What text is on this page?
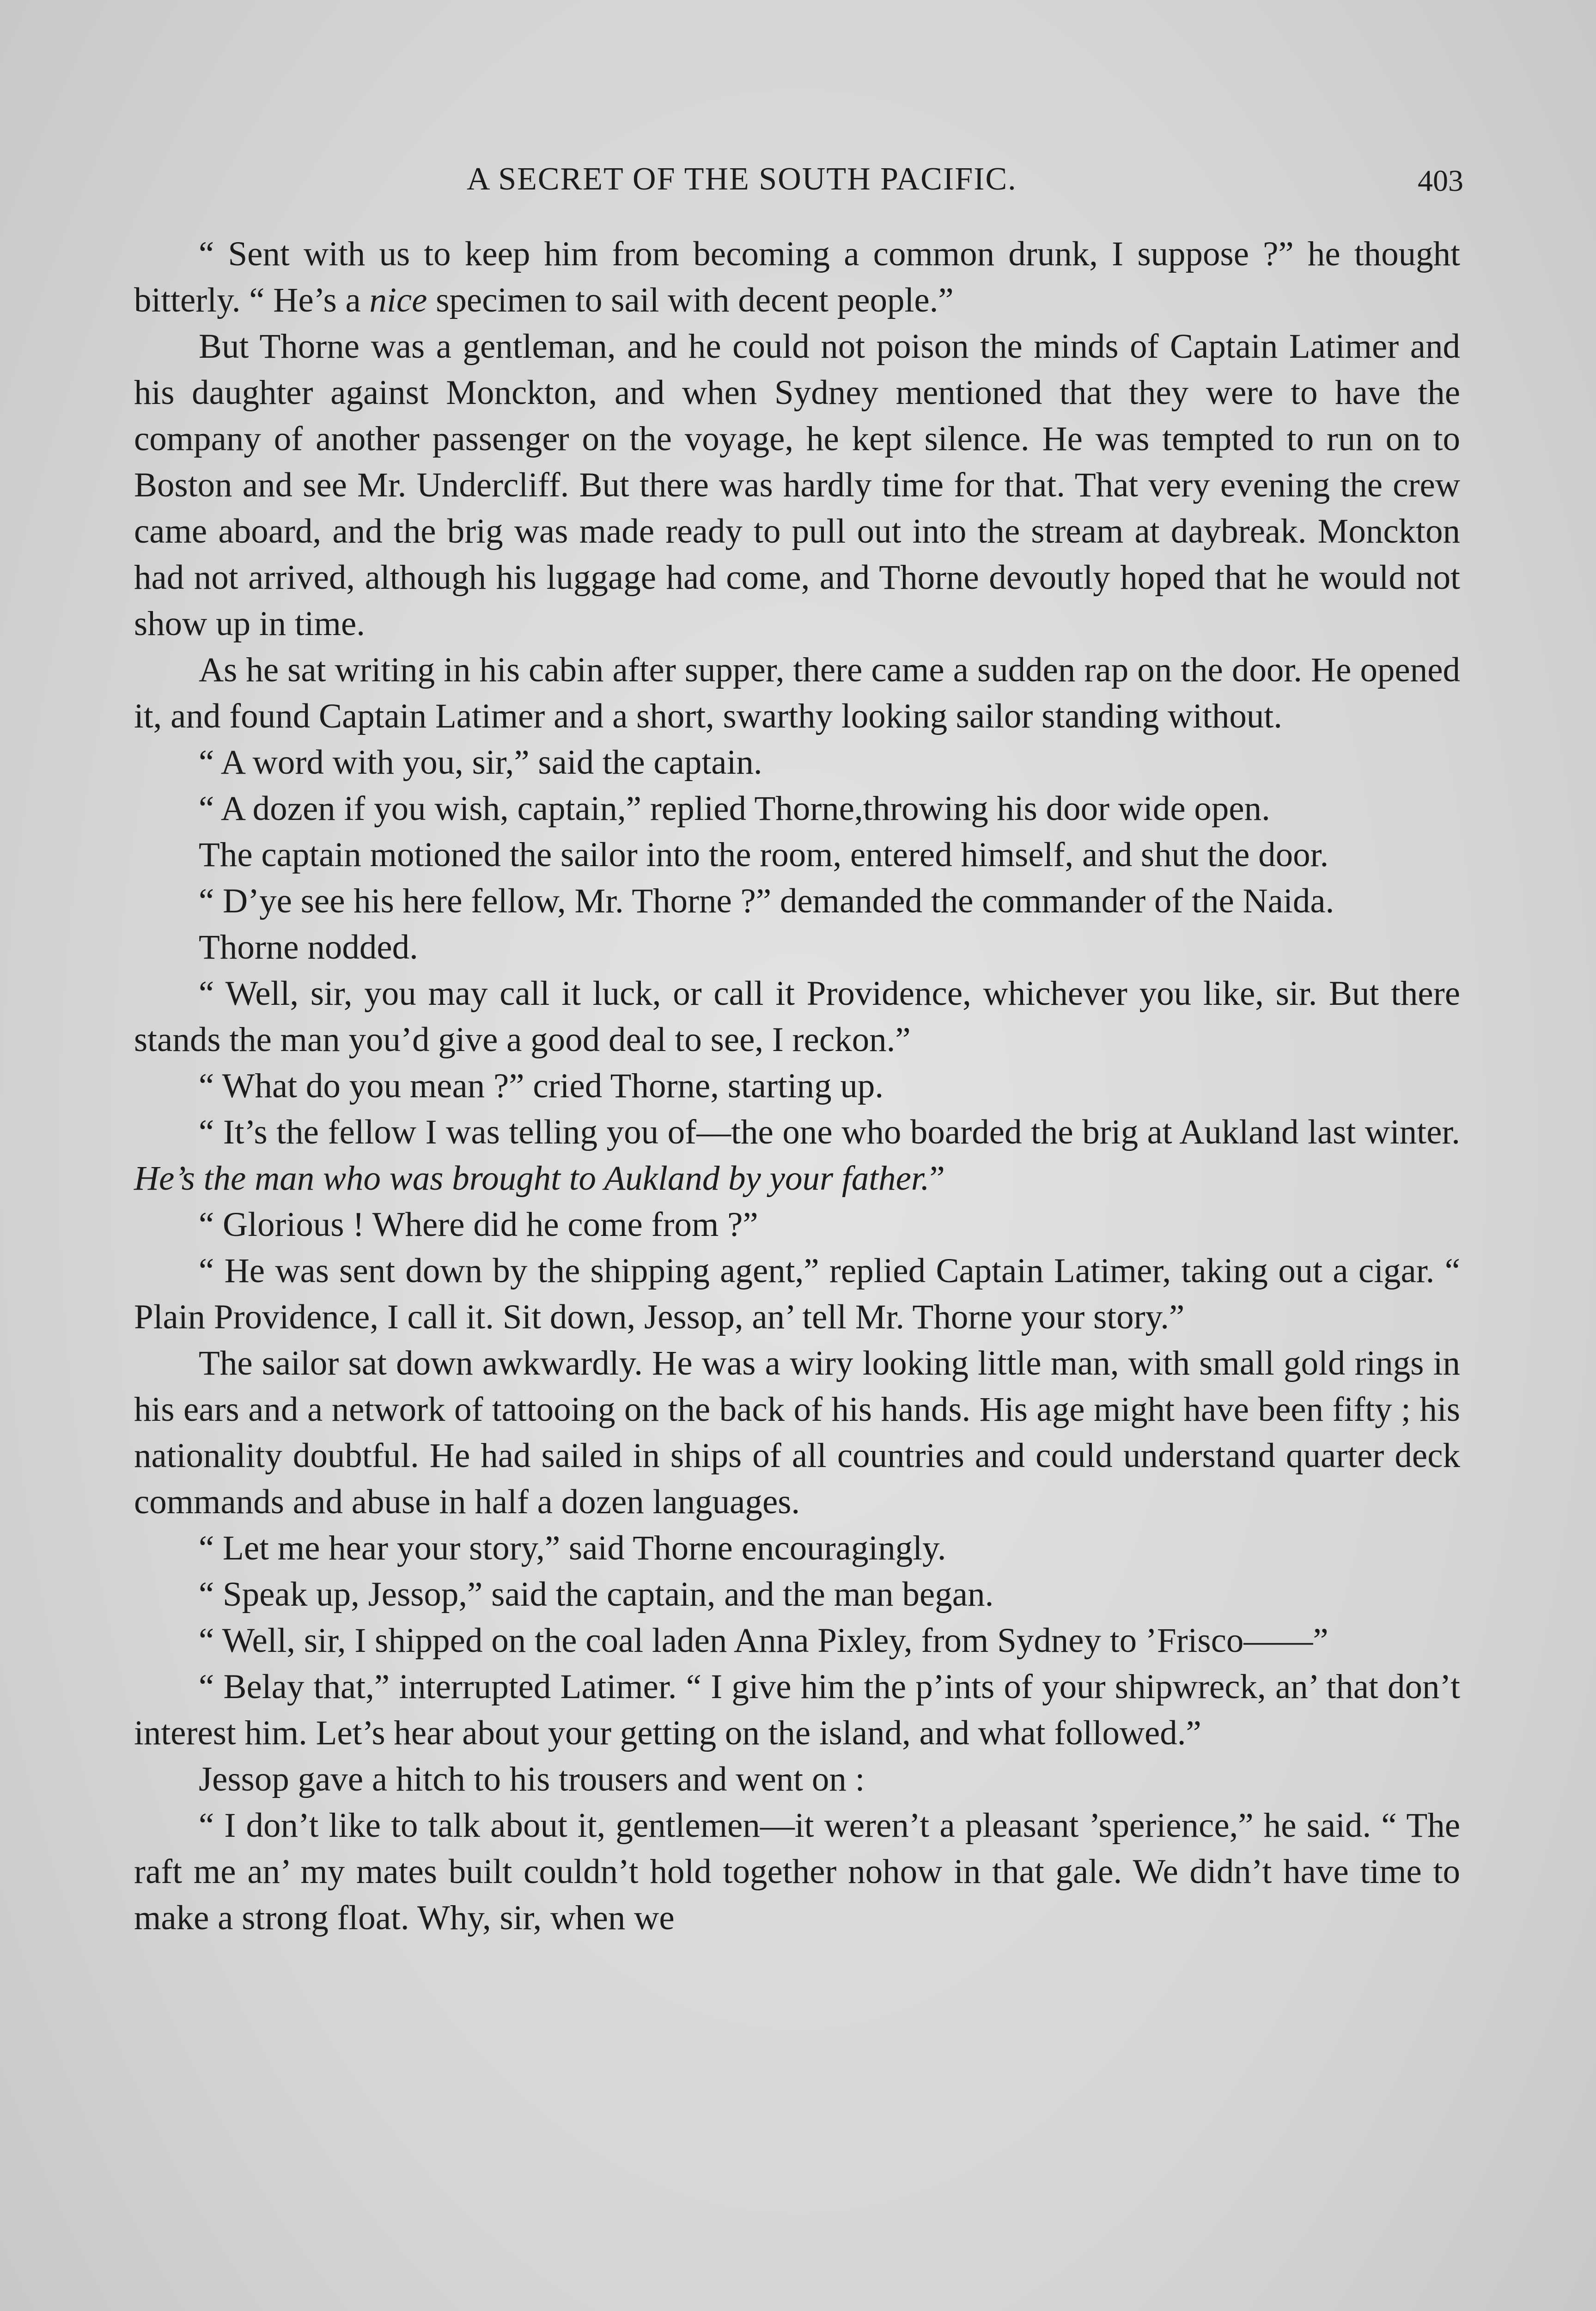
A SECRET OF THE SOUTH PACIFIC.	403

“ Sent with us to keep him from becoming a common drunk, I suppose ?” he thought bitterly. “ He’s a nice specimen to sail with decent people.”

But Thorne was a gentleman, and he could not poison the minds of Captain Latimer and his daughter against Monckton, and when Sydney mentioned that they were to have the company of another passenger on the voyage, he kept silence. He was tempted to run on to Boston and see Mr. Undercliff. But there was hardly time for that. That very evening the crew came aboard, and the brig was made ready to pull out into the stream at daybreak. Monckton had not arrived, although his luggage had come, and Thorne devoutly hoped that he would not show up in time.

As he sat writing in his cabin after supper, there came a sudden rap on the door. He opened it, and found Captain Latimer and a short, swarthy looking sailor standing without.

“ A word with you, sir,” said the captain.

“ A dozen if you wish, captain,” replied Thorne,throwing his door wide open.

The captain motioned the sailor into the room, entered himself, and shut the door.

“ D’ye see his here fellow, Mr. Thorne ?” demanded the commander of the Naida.

Thorne nodded.

“ Well, sir, you may call it luck, or call it Providence, whichever you like, sir. But there stands the man you’d give a good deal to see, I reckon.”

“ What do you mean ?” cried Thorne, starting up.

“ It’s the fellow I was telling you of—the one who boarded the brig at Aukland last winter. He’s the man who was brought to Aukland by your father.”

“ Glorious ! Where did he come from ?”

“ He was sent down by the shipping agent,” replied Captain Latimer, taking out a cigar. “ Plain Providence, I call it. Sit down, Jessop, an’ tell Mr. Thorne your story.”

The sailor sat down awkwardly. He was a wiry looking little man, with small gold rings in his ears and a network of tattooing on the back of his hands. His age might have been fifty ; his nationality doubtful. He had sailed in ships of all countries and could understand quarter deck commands and abuse in half a dozen languages.

“ Let me hear your story,” said Thorne encouragingly.

“ Speak up, Jessop,” said the captain, and the man began.

“ Well, sir, I shipped on the coal laden Anna Pixley, from Sydney to ’Frisco——”

“ Belay that,” interrupted Latimer. “ I give him the p’ints of your shipwreck, an’ that don’t interest him. Let’s hear about your getting on the island, and what followed.”

Jessop gave a hitch to his trousers and went on :

“ I don’t like to talk about it, gentlemen—it weren’t a pleasant ’sperience,” he said. “ The raft me an’ my mates built couldn’t hold together nohow in that gale. We didn’t have time to make a strong float. Why, sir, when we
